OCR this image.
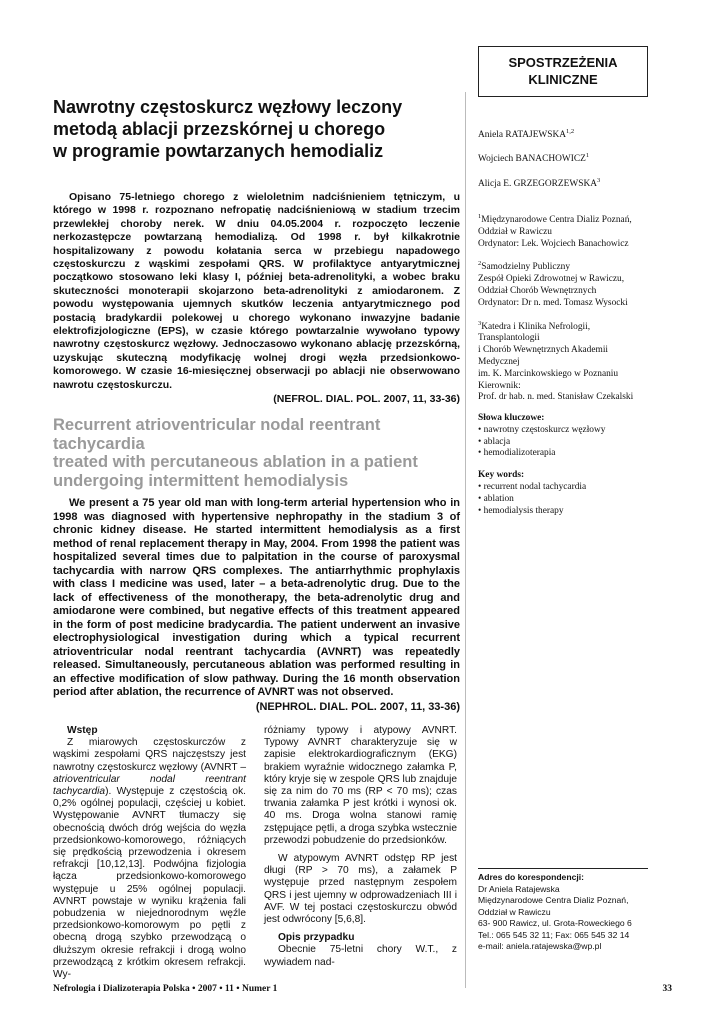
SPOSTRZEŻENIA
KLINICZNE
Nawrotny częstoskurcz węzłowy leczony
metodą ablacji przezskórnej u chorego
w programie powtarzanych hemodializ
Opisano 75-letniego chorego z wieloletnim nadciśnieniem tętniczym, u którego w 1998 r. rozpoznano nefropatię nadciśnieniową w stadium trzecim przewlekłej choroby nerek. W dniu 04.05.2004 r. rozpoczęto leczenie nerkozastępcze powtarzaną hemodializą. Od 1998 r. był kilkakrotnie hospitalizowany z powodu kołatania serca w przebiegu napadowego częstoskurczu z wąskimi zespołami QRS. W profilaktyce antyarytmicznej początkowo stosowano leki klasy I, później beta-adrenolityki, a wobec braku skuteczności monoterapii skojarzono beta-adrenolityki z amiodaronem. Z powodu występowania ujemnych skutków leczenia antyarytmicznego pod postacią bradykardii polekowej u chorego wykonano inwazyjne badanie elektrofizjologiczne (EPS), w czasie którego powtarzalnie wywołano typowy nawrotny częstoskurcz węzłowy. Jednoczasowo wykonano ablację przezskórną, uzyskując skuteczną modyfikację wolnej drogi węzła przedsionkowo-komorowego. W czasie 16-miesięcznej obserwacji po ablacji nie obserwowano nawrotu częstoskurczu.
(NEFROL. DIAL. POL. 2007, 11, 33-36)
Recurrent atrioventricular nodal reentrant tachycardia
treated with percutaneous ablation in a patient
undergoing intermittent hemodialysis
We present a 75 year old man with long-term arterial hypertension who in 1998 was diagnosed with hypertensive nephropathy in the stadium 3 of chronic kidney disease. He started intermittent hemodialysis as a first method of renal replacement therapy in May, 2004. From 1998 the patient was hospitalized several times due to palpitation in the course of paroxysmal tachycardia with narrow QRS complexes. The antiarrhythmic prophylaxis with class I medicine was used, later – a beta-adrenolytic drug. Due to the lack of effectiveness of the monotherapy, the beta-adrenolytic drug and amiodarone were combined, but negative effects of this treatment appeared in the form of post medicine bradycardia. The patient underwent an invasive electrophysiological investigation during which a typical recurrent atrioventricular nodal reentrant tachycardia (AVNRT) was repeatedly released. Simultaneously, percutaneous ablation was performed resulting in an effective modification of slow pathway. During the 16 month observation period after ablation, the recurrence of AVNRT was not observed.
(NEPHROL. DIAL. POL. 2007, 11, 33-36)
Wstęp
Z miarowych częstoskurczów z wąskimi zespołami QRS najczęstszy jest nawrotny częstoskurcz węzłowy (AVNRT – atrioventricular nodal reentrant tachycardia). Występuje z częstością ok. 0,2% ogólnej populacji, częściej u kobiet. Występowanie AVNRT tłumaczy się obecnością dwóch dróg wejścia do węzła przedsionkowo-komorowego, różniących się prędkością przewodzenia i okresem refrakcji [10,12,13]. Podwójna fizjologia łącza przedsionkowo-komorowego występuje u 25% ogólnej populacji. AVNRT powstaje w wyniku krążenia fali pobudzenia w niejednorodnym węźle przedsionkowo-komorowym po pętli z obecną drogą szybko przewodzącą o dłuższym okresie refrakcji i drogą wolno przewodzącą z krótkim okresem refrakcji. Wy-
różniamy typowy i atypowy AVNRT. Typowy AVNRT charakteryzuje się w zapisie elektrokardiograficznym (EKG) brakiem wyraźnie widocznego załamka P, który kryje się w zespole QRS lub znajduje się za nim do 70 ms (RP < 70 ms); czas trwania załamka P jest krótki i wynosi ok. 40 ms. Droga wolna stanowi ramię zstępujące pętli, a droga szybka wstecznie przewodzi pobudzenie do przedsionków.
W atypowym AVNRT odstęp RP jest długi (RP > 70 ms), a załamek P występuje przed następnym zespołem QRS i jest ujemny w odprowadzeniach III i AVF. W tej postaci częstoskurczu obwód jest odwrócony [5,6,8].
Opis przypadku
Obecnie 75-letni chory W.T., z wywiadem nad-
Aniela RATAJEWSKA$^{1,2}$
Wojciech BANACHOWICZ$^1$
Alicja E. GRZEGORZEWSKA$^3$
$^1$Międzynarodowe Centra Dializ Poznań,
Oddział w Rawiczu
Ordynator: Lek. Wojciech Banachowicz
$^2$Samodzielny Publiczny
Zespół Opieki Zdrowotnej w Rawiczu,
Oddział Chorób Wewnętrznych
Ordynator: Dr n. med. Tomasz Wysocki
$^3$Katedra i Klinika Nefrologii, Transplantologii
i Chorób Wewnętrznych Akademii Medycznej
im. K. Marcinkowskiego w Poznaniu
Kierownik:
Prof. dr hab. n. med. Stanisław Czekalski
Słowa kluczowe:
• nawrotny częstoskurcz węzłowy
• ablacja
• hemodializoterapia
Key words:
• recurrent nodal tachycardia
• ablation
• hemodialysis therapy
Adres do korespondencji:
Dr Aniela Ratajewska
Międzynarodowe Centra Dializ Poznań,
Oddział w Rawiczu
63- 900 Rawicz, ul. Grota-Roweckiego 6
Tel.: 065 545 32 11; Fax: 065 545 32 14
e-mail: aniela.ratajewska@wp.pl
Nefrologia i Dializoterapia Polska • 2007 • 11 • Numer 1	33
